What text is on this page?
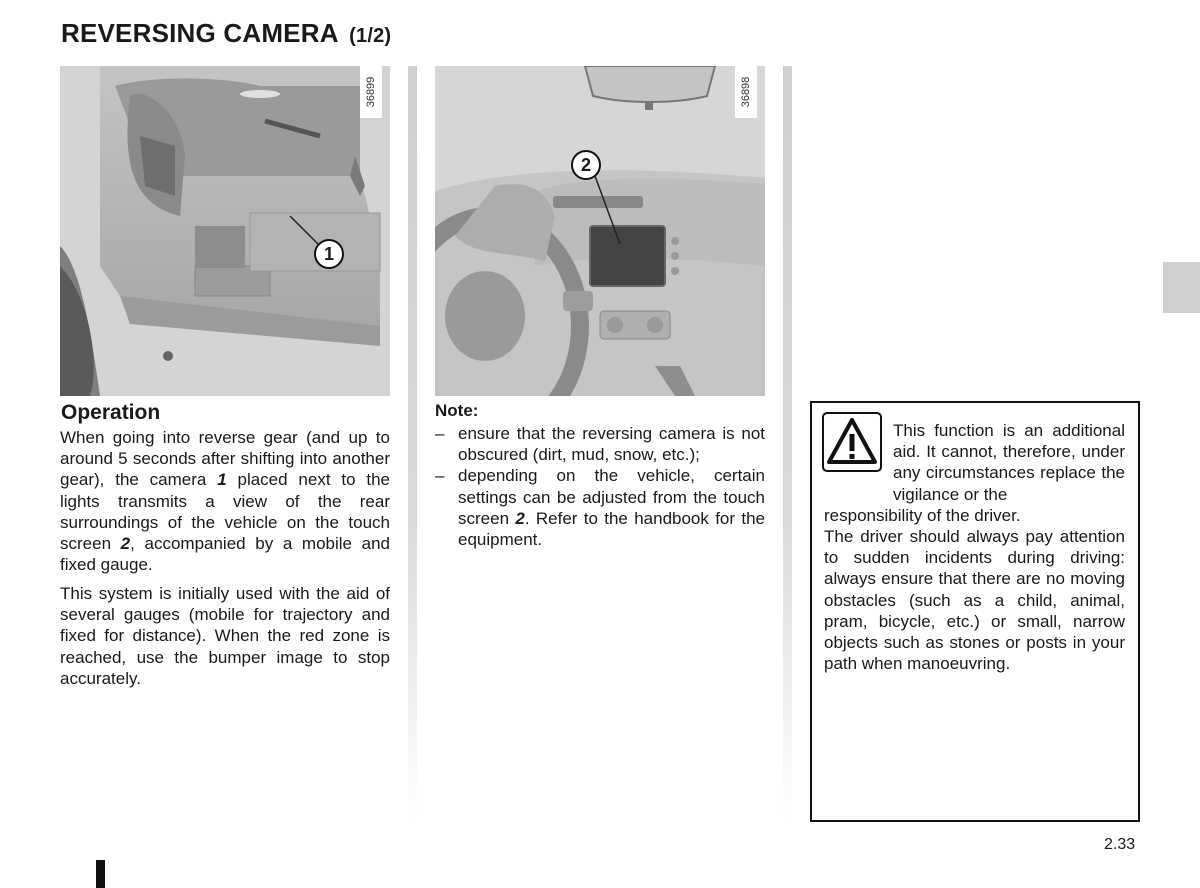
REVERSING CAMERA (1/2)
36899
1
36898
2
Operation

When going into reverse gear (and up to around 5 seconds after shifting into another gear), the camera 1 placed next to the lights transmits a view of the rear surroundings of the vehicle on the touch screen 2, accompanied by a mobile and fixed gauge.

This system is initially used with the aid of several gauges (mobile for trajectory and fixed for distance). When the red zone is reached, use the bumper image to stop accurately.

Note:
– ensure that the reversing camera is not obscured (dirt, mud, snow, etc.);
– depending on the vehicle, certain settings can be adjusted from the touch screen 2. Refer to the handbook for the equipment.

This function is an additional aid. It cannot, therefore, under any circumstances replace the vigilance or the

responsibility of the driver.

The driver should always pay attention to sudden incidents during driving: always ensure that there are no moving obstacles (such as a child, animal, pram, bicycle, etc.) or small, narrow objects such as stones or posts in your path when manoeuvring.

2.33
